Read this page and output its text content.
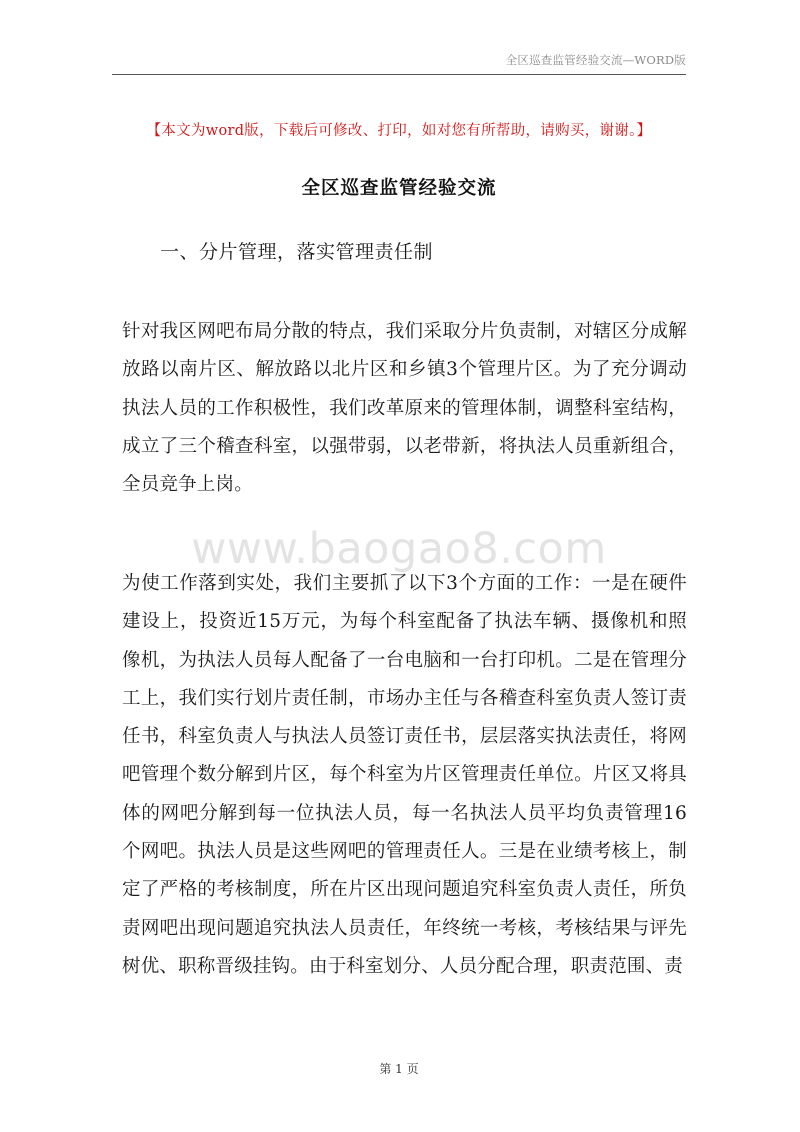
全区巡查监管经验交流—WORD版
【本文为word版，下载后可修改、打印，如对您有所帮助，请购买，谢谢。】
全区巡查监管经验交流
一、分片管理，落实管理责任制

针对我区网吧布局分散的特点，我们采取分片负责制，对辖区分成解放路以南片区、解放路以北片区和乡镇3个管理片区。为了充分调动执法人员的工作积极性，我们改革原来的管理体制，调整科室结构，成立了三个稽查科室，以强带弱，以老带新，将执法人员重新组合，全员竞争上岗。

www.baogao8.com

为使工作落到实处，我们主要抓了以下3个方面的工作：一是在硬件建设上，投资近15万元，为每个科室配备了执法车辆、摄像机和照像机，为执法人员每人配备了一台电脑和一台打印机。二是在管理分工上，我们实行划片责任制，市场办主任与各稽查科室负责人签订责任书，科室负责人与执法人员签订责任书，层层落实执法责任，将网吧管理个数分解到片区，每个科室为片区管理责任单位。片区又将具体的网吧分解到每一位执法人员，每一名执法人员平均负责管理16个网吧。执法人员是这些网吧的管理责任人。三是在业绩考核上，制定了严格的考核制度，所在片区出现问题追究科室负责人责任，所负责网吧出现问题追究执法人员责任，年终统一考核，考核结果与评先树优、职称晋级挂钩。由于科室划分、人员分配合理，职责范围、责

第 1 页
